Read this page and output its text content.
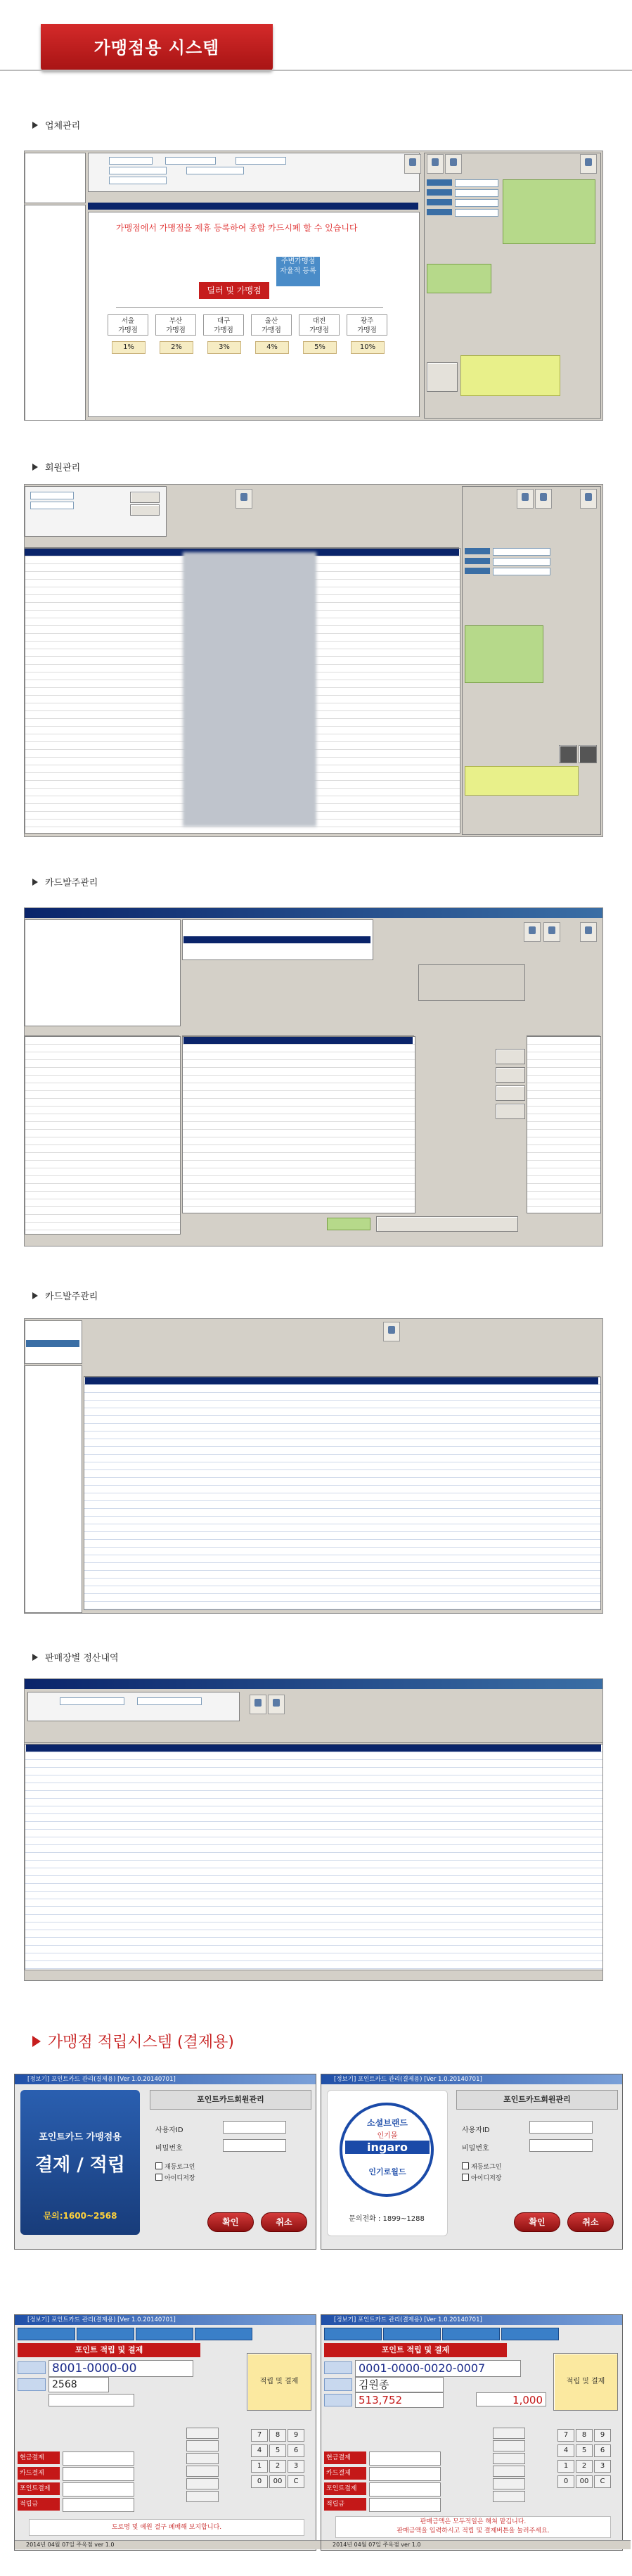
가맹점용 시스템
업체관리
가맹점에서 가맹점을 제휴 등록하여 종합 카드시폐 할 수 있습니다
주변가맹점
자율적 등록
딜러 및 가맹점
서울
가맹점
부산
가맹점
대구
가맹점
울산
가맹점
대전
가맹점
광주
가맹점
1%	2%	3%	4%	5%	10%
회원관리
카드발주관리
카드발주관리
판매장별 정산내역
가맹점 적립시스템 (결제용)
[정보기] 포인트카드 관리(결제용) [Ver 1.0.20140701]
포인트카드 가맹점용
결제 / 적립
문의:1600~2568
포인트카드회원관리
사용자ID
비밀번호
재등로그인
아이디저장
확인	취소
[정보기] 포인트카드 관리(결제용) [Ver 1.0.20140701]
소셜브랜드
인기몰
ingaro
인기로월드
문의전화 : 1899~1288
포인트카드회원관리
사용자ID
비밀번호
재등로그인
아이디저장
확인	취소
[정보기] 포인트카드 관리(결제용) [Ver 1.0.20140701]
포인트 적립 및 결제
8001-0000-00
2568	적립 및 결제
현금결제
카드결제
포인트결제
적립금
7	8	9
4	5	6
1	2	3
0	00	C
도로명 및 예원 결구 폐배해 보지합니다.
2014년 04월 07일 주옥점 ver 1.0
[정보기] 포인트카드 관리(결제용) [Ver 1.0.20140701]
포인트 적립 및 결제
0001-0000-0020-0007
김원종
513,752	1,000
적립 및 결제
현금결제
카드결제
포인트결제
적립금
7	8	9
4	5	6
1	2	3
0	00	C
판매금액은 모두적일은 해쳐 맡깁니다.
판매금액을 입력하시고 적립 및 결제버튼을 눌러주세요.
2014년 04월 07일 주옥점 ver 1.0
